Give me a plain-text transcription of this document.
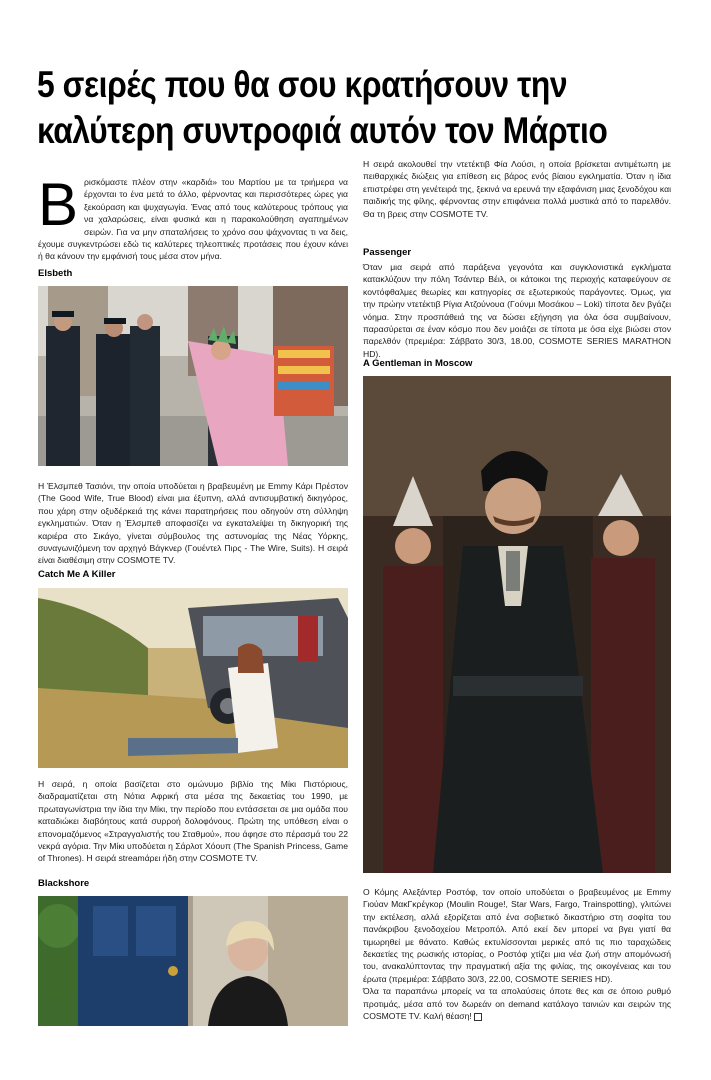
5 σειρές που θα σου κρατήσουν την καλύτερη συντροφιά αυτόν τον Μάρτιο
Β ρισκόμαστε πλέον στην «καρδιά» του Μαρτίου με τα τριήμερα να έρχονται το ένα μετά το άλλο, φέρνοντας και περισσότερες ώρες για ξεκούραση και ψυχαγωγία. Ένας από τους καλύτερους τρόπους για να χαλαρώσεις, είναι φυσικά και η παρακολούθηση αγαπημένων σειρών. Για να μην σπαταλήσεις το χρόνο σου ψάχνοντας τι να δεις, έχουμε συγκεντρώσει εδώ τις καλύτερες τηλεοπτικές προτάσεις που έχουν κάνει ή θα κάνουν την εμφάνισή τους μέσα στον μήνα.

Elsbeth

Η Έλσμπεθ Τασιόνι, την οποία υποδύεται η βραβευμένη με Emmy Κάρι Πρέστον (The Good Wife, True Blood) είναι μια έξυπνη, αλλά αντισυμβατική δικηγόρος, που χάρη στην οξυδέρκειά της κάνει παρατηρήσεις που οδηγούν στη σύλληψη εγκληματιών. Όταν η Έλσμπεθ αποφασίζει να εγκαταλείψει τη δικηγορική της καριέρα στο Σικάγο, γίνεται σύμβουλος της αστυνομίας της Νέας Υόρκης, συναγωνιζόμενη τον αρχηγό Βάγκνερ (Γουέντελ Πιρς - The Wire, Suits). Η σειρά είναι διαθέσιμη στην COSMOTE TV.

Catch Me A Killer

Η σειρά, η οποία βασίζεται στο ομώνυμο βιβλίο της Μίκι Πιστόριους, διαδραματίζεται στη Νότια Αφρική στα μέσα της δεκαετίας του 1990, με πρωταγωνίστρια την ίδια την Μίκι, την περίοδο που εντάσσεται σε μια ομάδα που καταδιώκει διαβόητους κατά συρροή δολοφόνους. Πρώτη της υπόθεση είναι ο επονομαζόμενος «Στραγγαλιστής του Σταθμού», που άφησε στο πέρασμά του 22 νεκρά αγόρια. Την Μίκι υποδύεται η Σάρλοτ Χόουπ (The Spanish Princess, Game of Thrones). Η σειρά streamάρει ήδη στην COSMOTE TV.

Blackshore

Η σειρά ακολουθεί την ντετέκτιβ Φία Λούσι, η οποία βρίσκεται αντιμέτωπη με πειθαρχικές διώξεις για επίθεση εις βάρος ενός βίαιου εγκληματία. Όταν η ίδια επιστρέφει στη γενέτειρά της, ξεκινά να ερευνά την εξαφάνιση μιας ξενοδόχου και παιδικής της φίλης, φέρνοντας στην επιφάνεια πολλά μυστικά από το παρελθόν. Θα τη βρεις στην COSMOTE TV.

Passenger

Όταν μια σειρά από παράξενα γεγονότα και συγκλονιστικά εγκλήματα κατακλύζουν την πόλη Τσάντερ Βέιλ, οι κάτοικοι της περιοχής καταφεύγουν σε κοντόφθαλμες θεωρίες και κατηγορίες σε εξωτερικούς παράγοντες. Όμως, για την πρώην ντετέκτιβ Ρίγια Ατζούνουα (Γούνμι Μοσάκου – Loki) τίποτα δεν βγάζει νόημα. Στην προσπάθειά της να δώσει εξήγηση για όλα όσα συμβαίνουν, παρασύρεται σε έναν κόσμο που δεν μοιάζει σε τίποτα με όσα είχε βιώσει στον παρελθόν (πρεμιέρα: Σάββατο 30/3, 18.00, COSMOTE SERIES MARATHON HD).

A Gentleman in Moscow

Ο Κόμης Αλεξάντερ Ροστόφ, τον οποίο υποδύεται ο βραβευμένος με Emmy Γιούαν ΜακΓκρέγκορ (Moulin Rouge!, Star Wars, Fargo, Trainspotting), γλιτώνει την εκτέλεση, αλλά εξορίζεται από ένα σοβιετικό δικαστήριο στη σοφίτα του πανάκριβου ξενοδοχείου Μετροπόλ. Από εκεί δεν μπορεί να βγει γιατί θα τιμωρηθεί με θάνατο. Καθώς εκτυλίσσονται μερικές από τις πιο ταραχώδεις δεκαετίες της ρωσικής ιστορίας, ο Ροστόφ χτίζει μια νέα ζωή στην απομόνωσή του, ανακαλύπτοντας την πραγματική αξία της φιλίας, της οικογένειας και του έρωτα (πρεμιέρα: Σάββατο 30/3, 22.00, COSMOTE SERIES HD).

Όλα τα παραπάνω μπορείς να τα απολαύσεις όποτε θες και σε όποιο ρυθμό προτιμάς, μέσα από τον δωρεάν on demand κατάλογο ταινιών και σειρών της COSMOTE TV. Καλή θέαση!
